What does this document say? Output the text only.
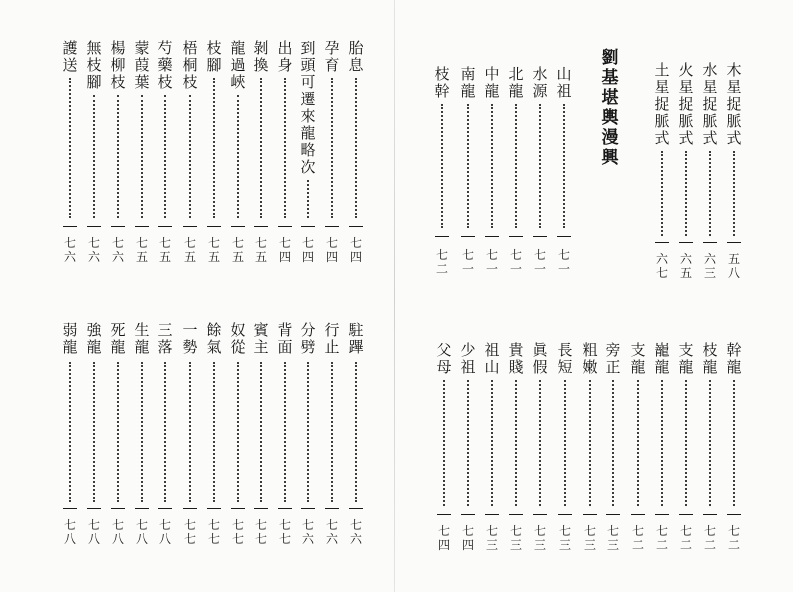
劉
基
堪
輿
漫
興
木
星
捉
脈
式
五
八
水
星
捉
脈
式
六
三
火
星
捉
脈
式
六
五
土
星
捉
脈
式
六
七
山
祖
七
一
水
源
七
一
北
龍
七
一
中
龍
七
一
南
龍
七
一
枝
幹
七
二
胎
息
七
四
孕
育
七
四
到
頭
可
遷
來
龍
略
次
七
四
出
身
七
四
剝
換
七
五
龍
過
峽
七
五
枝
腳
七
五
梧
桐
枝
七
五
芍
藥
枝
七
五
蒙
葭
葉
七
五
楊
柳
枝
七
六
無
枝
腳
七
六
護
送
七
六
幹
龍
七
二
枝
龍
七
二
支
龍
七
二
巃
龍
七
二
支
龍
七
二
旁
正
七
三
粗
嫩
七
三
長
短
七
三
眞
假
七
三
貴
賤
七
三
祖
山
七
三
少
祖
七
四
父
母
七
四
駐
蹕
七
六
行
止
七
六
分
劈
七
六
背
面
七
七
賓
主
七
七
奴
從
七
七
餘
氣
七
七
一
勢
七
七
三
落
七
八
生
龍
七
八
死
龍
七
八
強
龍
七
八
弱
龍
七
八
